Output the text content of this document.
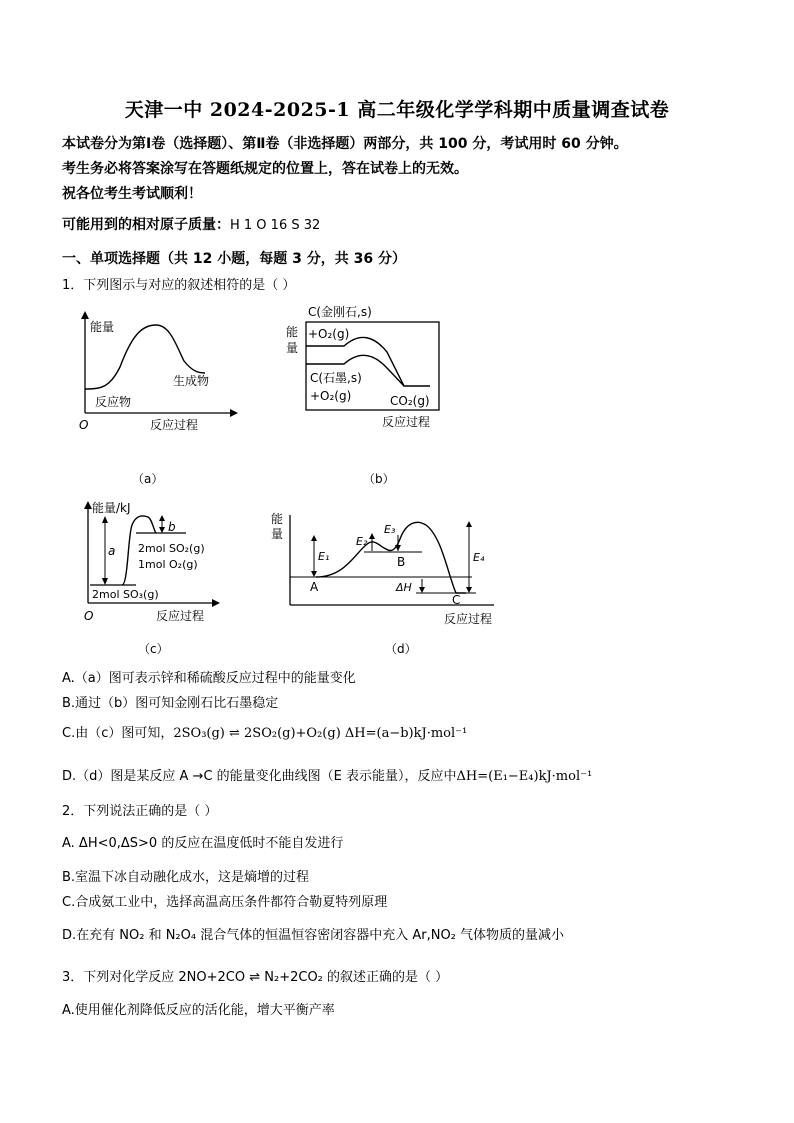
天津一中 2024-2025-1 高二年级化学学科期中质量调查试卷
本试卷分为第Ⅰ卷（选择题）、第Ⅱ卷（非选择题）两部分，共 100 分，考试用时 60 分钟。
考生务必将答案涂写在答题纸规定的位置上，答在试卷上的无效。
祝各位考生考试顺利！
可能用到的相对原子质量：H 1 O 16 S 32
一、单项选择题（共 12 小题，每题 3 分，共 36 分）
1．下列图示与对应的叙述相符的是（ ）
能量
生成物
反应物
O	反应过程
（a）
C(金刚石,s)
+O₂(g)
能
量
C(石墨,s)
+O₂(g)	CO₂(g)
反应过程
（b）
能量/kJ
a
b
2mol SO₂(g)
1mol O₂(g)
2mol SO₃(g)
O	反应过程
（c）
能
量
E₁
E₂
E₃
E₄
ΔH
A
B
C
反应过程
（d）
A.（a）图可表示锌和稀硫酸反应过程中的能量变化
B.通过（b）图可知金刚石比石墨稳定
C.由（c）图可知，2SO₃(g) ⇌ 2SO₂(g)+O₂(g) ΔH=(a−b)kJ·mol⁻¹
D.（d）图是某反应 A →C 的能量变化曲线图（E 表示能量），反应中ΔH=(E₁−E₄)kJ·mol⁻¹
2．下列说法正确的是（ ）
A. ΔH<0,ΔS>0 的反应在温度低时不能自发进行
B.室温下冰自动融化成水，这是熵增的过程
C.合成氨工业中，选择高温高压条件都符合勒夏特列原理
D.在充有 NO₂ 和 N₂O₄ 混合气体的恒温恒容密闭容器中充入 Ar,NO₂ 气体物质的量减小
3．下列对化学反应 2NO+2CO ⇌ N₂+2CO₂ 的叙述正确的是（ ）
A.使用催化剂降低反应的活化能，增大平衡产率
